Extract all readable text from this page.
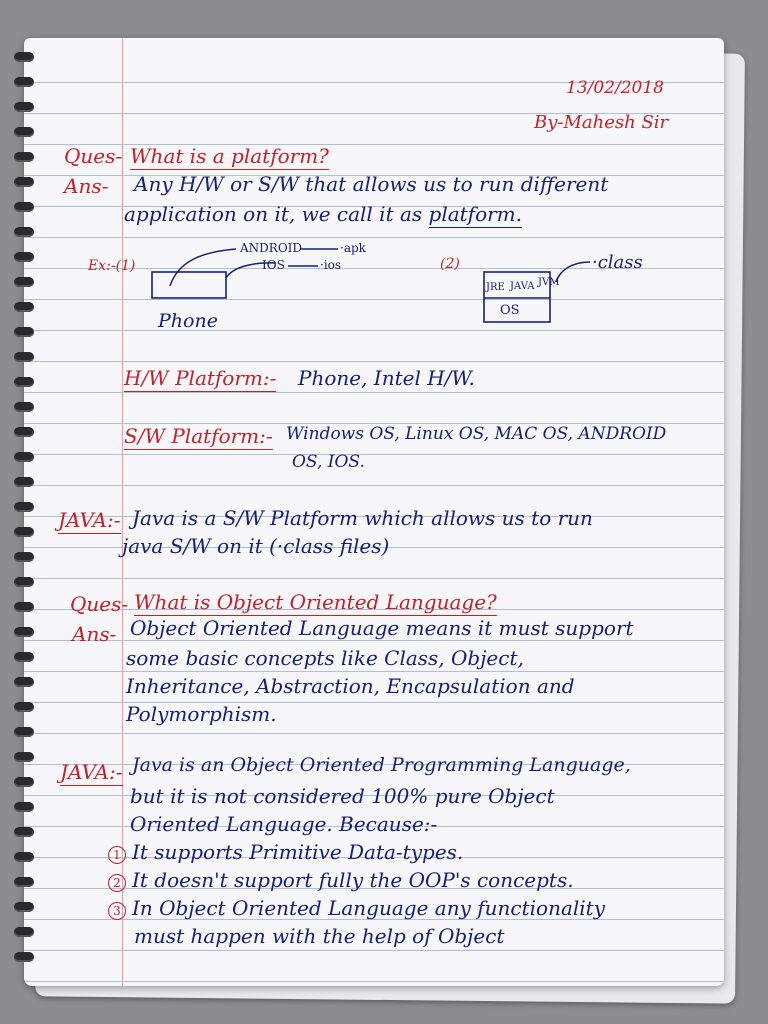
13/02/2018
By-Mahesh Sir
Ques- What is a platform?
Ans- Any H/W or S/W that allows us to run different
application on it, we call it as platform.
Ex:-(1)
ANDROID	·apk
IOS	·ios
Phone
(2)	·class
JRE JAVA JVM
OS
H/W Platform:- Phone, Intel H/W.
S/W Platform:- Windows OS, Linux OS, MAC OS, ANDROID
OS, IOS.
JAVA:- Java is a S/W Platform which allows us to run
java S/W on it (·class files)
Ques- What is Object Oriented Language?
Ans- Object Oriented Language means it must support
some basic concepts like Class, Object,
Inheritance, Abstraction, Encapsulation and
Polymorphism.
JAVA:- Java is an Object Oriented Programming Language,
but it is not considered 100% pure Object
Oriented Language. Because:-
1 It supports Primitive Data-types.
2 It doesn't support fully the OOP's concepts.
3 In Object Oriented Language any functionality
must happen with the help of Object
